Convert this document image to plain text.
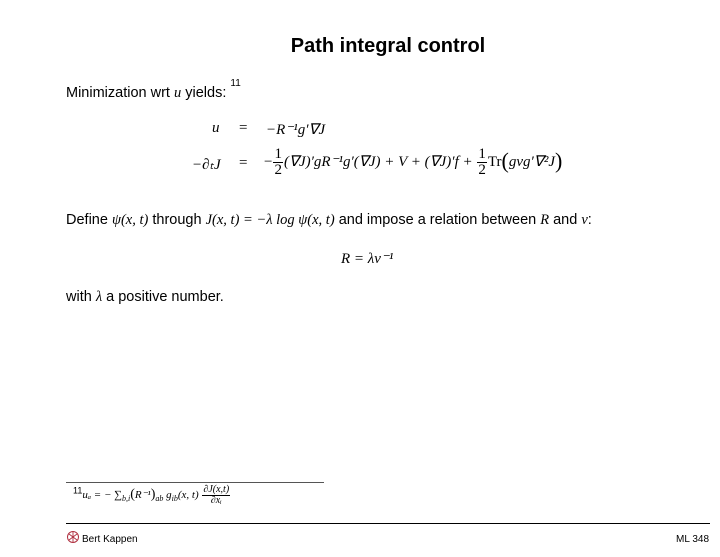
Path integral control
Minimization wrt u yields: $^{11}$
u = −R⁻¹g′∇J
−∂ₜJ = − $\frac{1}{2} (\nabla J)'gR^{-1}g'(\nabla J) + V + (\nabla J)'f + \frac{1}{2} Tr(g\nu g'\nabla^2J)$
Define ψ(x, t) through J(x, t) = −λ log ψ(x, t) and impose a relation between R and ν:
R = λν⁻¹
with λ a positive number.
$^{11}$uₐ = − $\sum_{b,i}(R^{-1})_{ab}$ $g_{ib}(x$, $t) \frac{\partial J(x,t)}{\text{∂xᵢ}}$
Bert Kappen	ML 348
